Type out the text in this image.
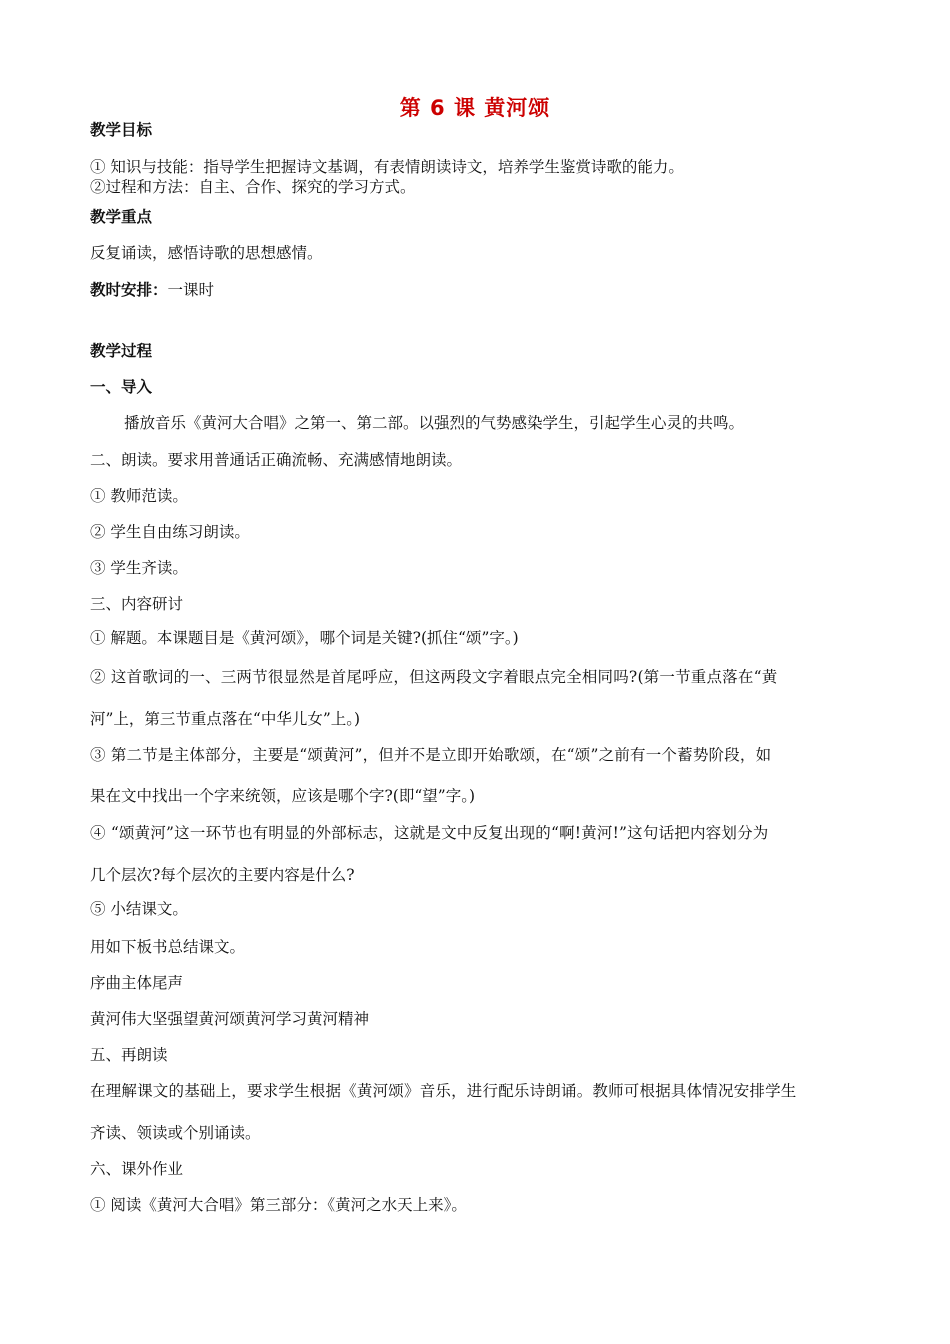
第 6 课 黄河颂
教学目标
① 知识与技能：指导学生把握诗文基调，有表情朗读诗文，培养学生鉴赏诗歌的能力。
②过程和方法：自主、合作、探究的学习方式。
教学重点
反复诵读，感悟诗歌的思想感情。
教时安排：一课时
教学过程
一、导入
播放音乐《黄河大合唱》之第一、第二部。以强烈的气势感染学生，引起学生心灵的共鸣。
二、朗读。要求用普通话正确流畅、充满感情地朗读。
① 教师范读。
② 学生自由练习朗读。
③ 学生齐读。
三、内容研讨
① 解题。本课题目是《黄河颂》，哪个词是关键?(抓住“颂”字。)
② 这首歌词的一、三两节很显然是首尾呼应，但这两段文字着眼点完全相同吗?(第一节重点落在“黄
河”上，第三节重点落在“中华儿女”上。)
③ 第二节是主体部分，主要是“颂黄河”，但并不是立即开始歌颂，在“颂”之前有一个蓄势阶段，如
果在文中找出一个字来统领，应该是哪个字?(即“望”字。)
④ “颂黄河”这一环节也有明显的外部标志，这就是文中反复出现的“啊!黄河!”这句话把内容划分为
几个层次?每个层次的主要内容是什么?
⑤ 小结课文。
用如下板书总结课文。
序曲主体尾声
黄河伟大坚强望黄河颂黄河学习黄河精神
五、再朗读
在理解课文的基础上，要求学生根据《黄河颂》音乐，进行配乐诗朗诵。教师可根据具体情况安排学生
齐读、领读或个别诵读。
六、课外作业
① 阅读《黄河大合唱》第三部分：《黄河之水天上来》。
